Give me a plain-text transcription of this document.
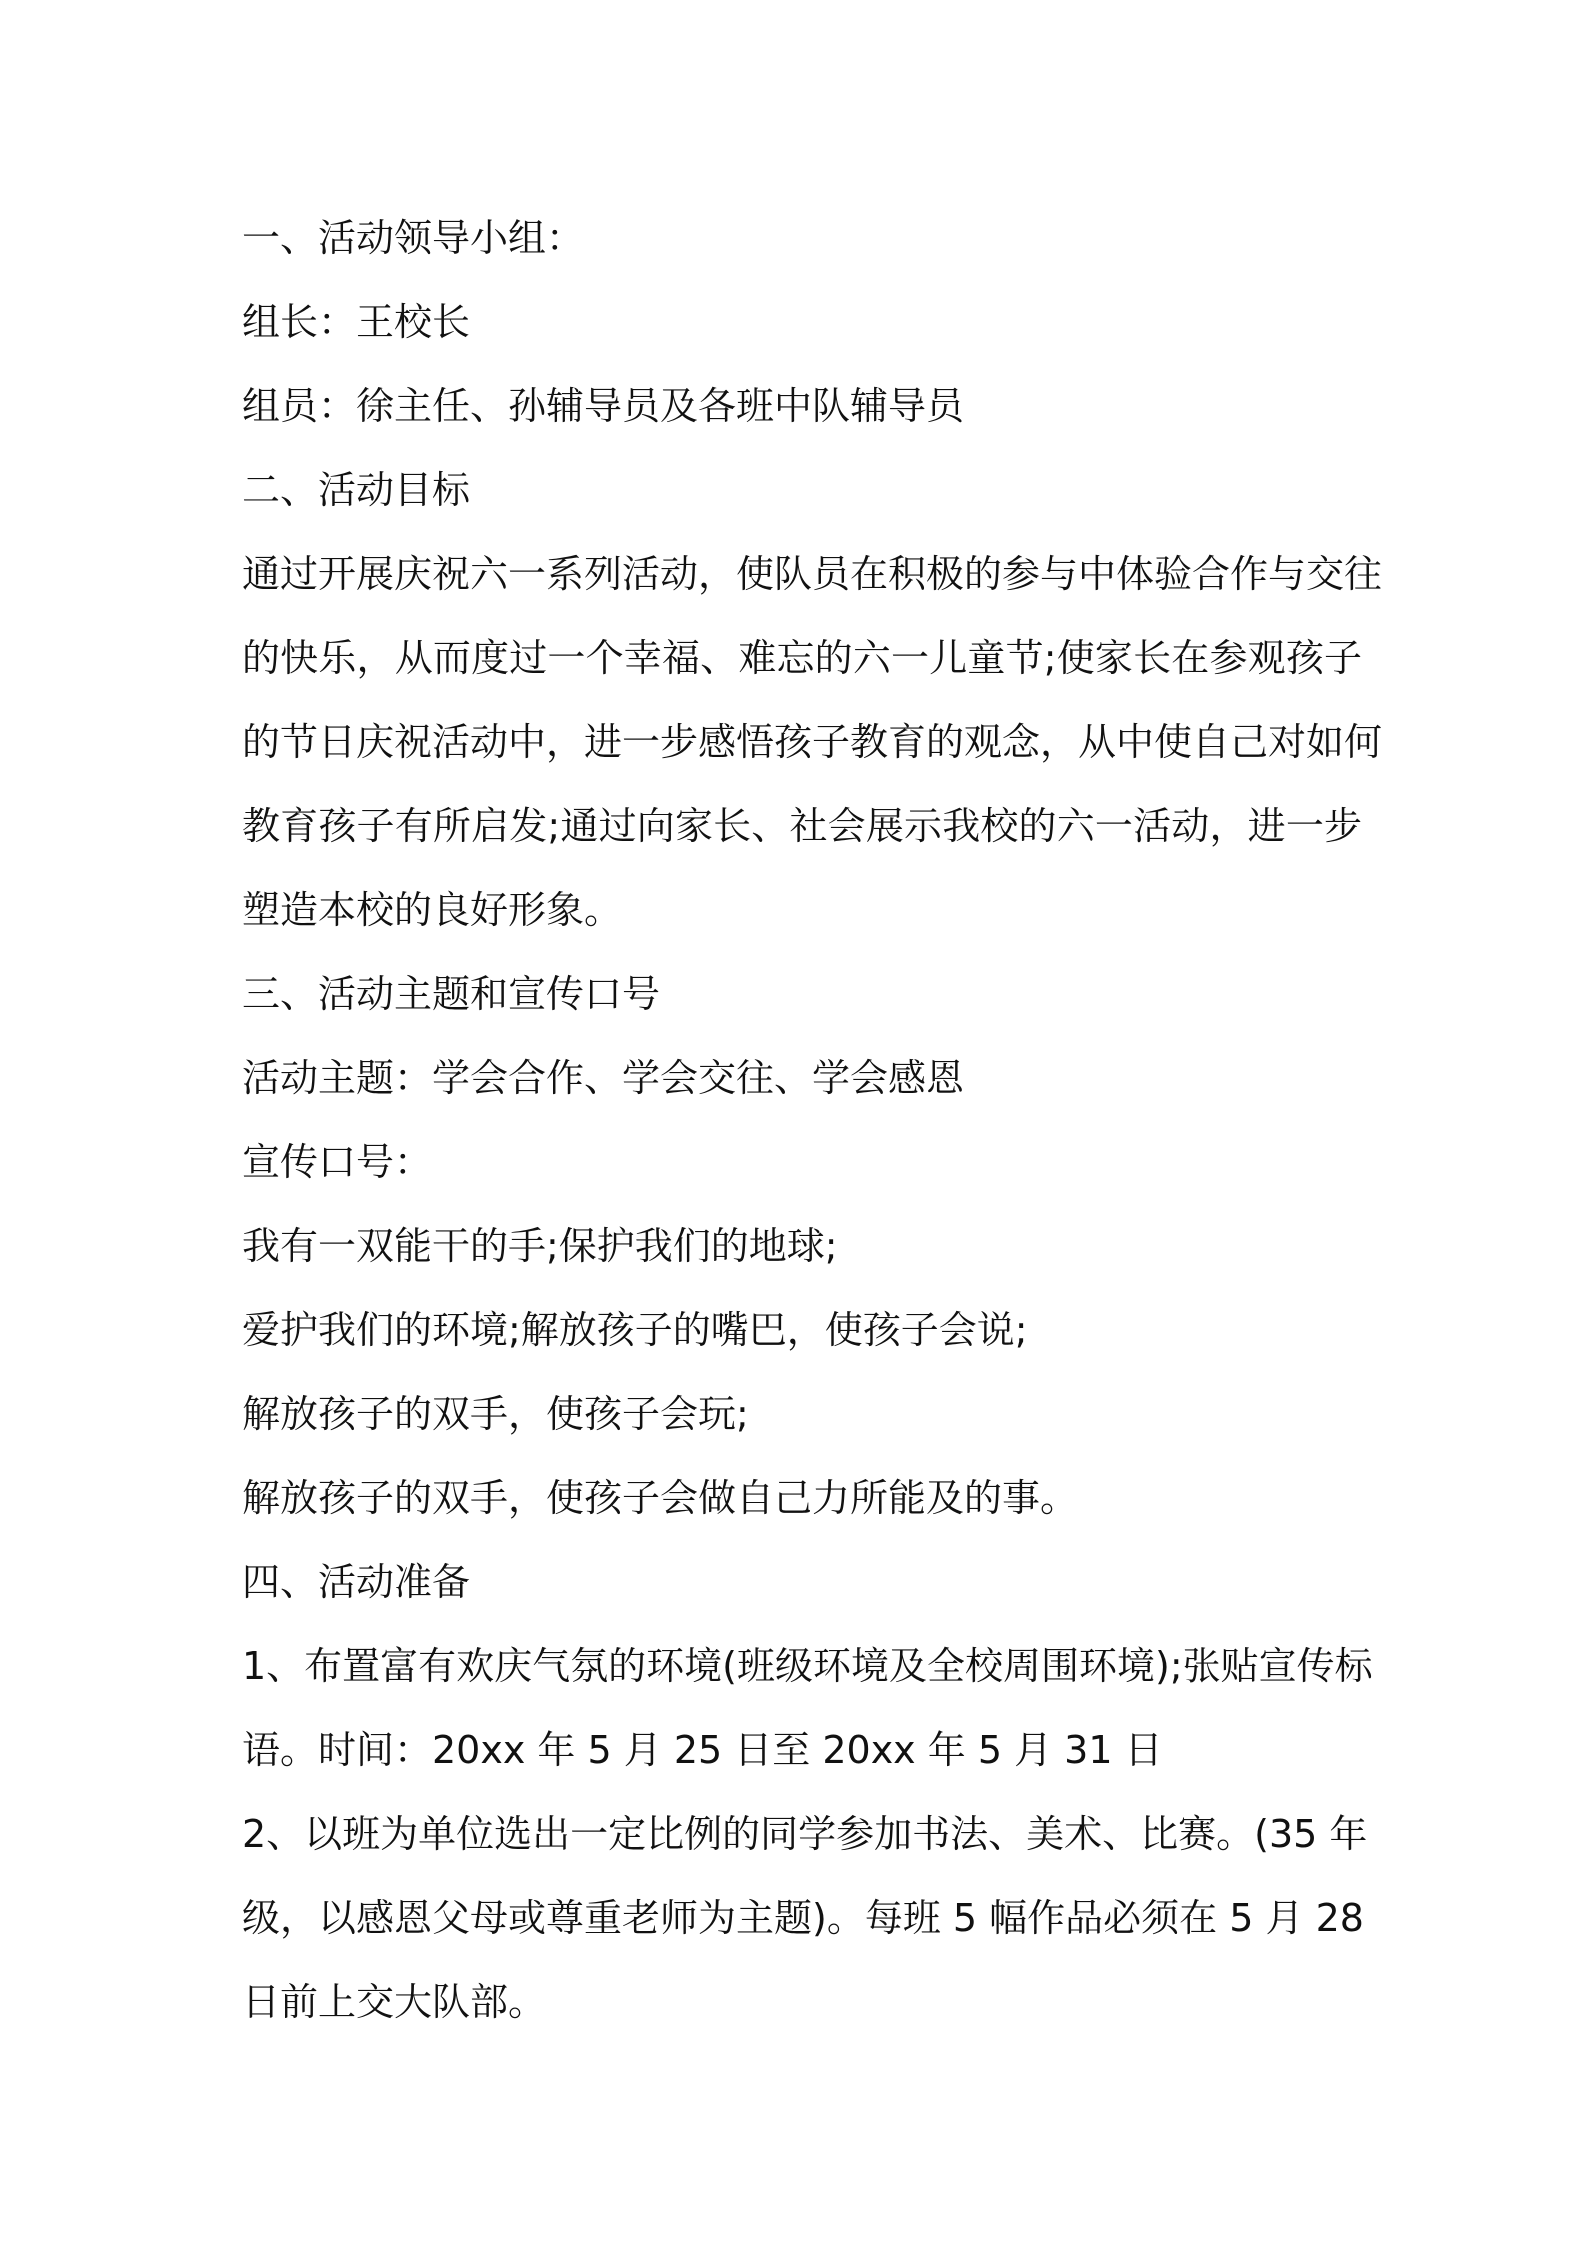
一、活动领导小组：
组长：王校长
组员：徐主任、孙辅导员及各班中队辅导员
二、活动目标
通过开展庆祝六一系列活动，使队员在积极的参与中体验合作与交往
的快乐，从而度过一个幸福、难忘的六一儿童节;使家长在参观孩子
的节日庆祝活动中，进一步感悟孩子教育的观念，从中使自己对如何
教育孩子有所启发;通过向家长、社会展示我校的六一活动，进一步
塑造本校的良好形象。
三、活动主题和宣传口号
活动主题：学会合作、学会交往、学会感恩
宣传口号：
我有一双能干的手;保护我们的地球;
爱护我们的环境;解放孩子的嘴巴，使孩子会说;
解放孩子的双手，使孩子会玩;
解放孩子的双手，使孩子会做自己力所能及的事。
四、活动准备
1、布置富有欢庆气氛的环境(班级环境及全校周围环境);张贴宣传标
语。时间：20xx 年 5 月 25 日至 20xx 年 5 月 31 日
2、以班为单位选出一定比例的同学参加书法、美术、比赛。(35 年
级，以感恩父母或尊重老师为主题)。每班 5 幅作品必须在 5 月 28
日前上交大队部。
